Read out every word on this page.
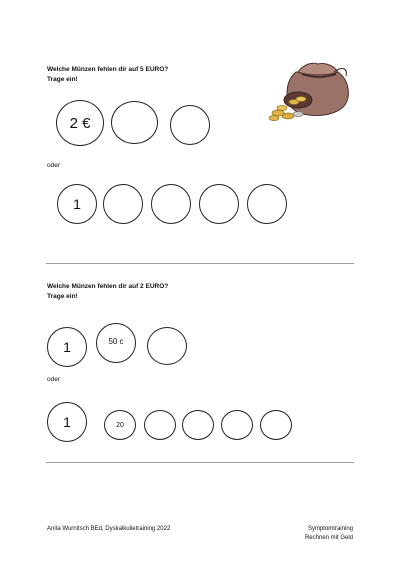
Welche Münzen fehlen dir auf 5 EURO?
Trage ein!
2 €
oder
1
Welche Münzen fehlen dir auf 2 EURO?
Trage ein!
1	50 c
oder
1	20
Anita Wurnitsch BEd, Dyskalkulietraining 2022	Symptomtraining
Rechnen mit Geld
